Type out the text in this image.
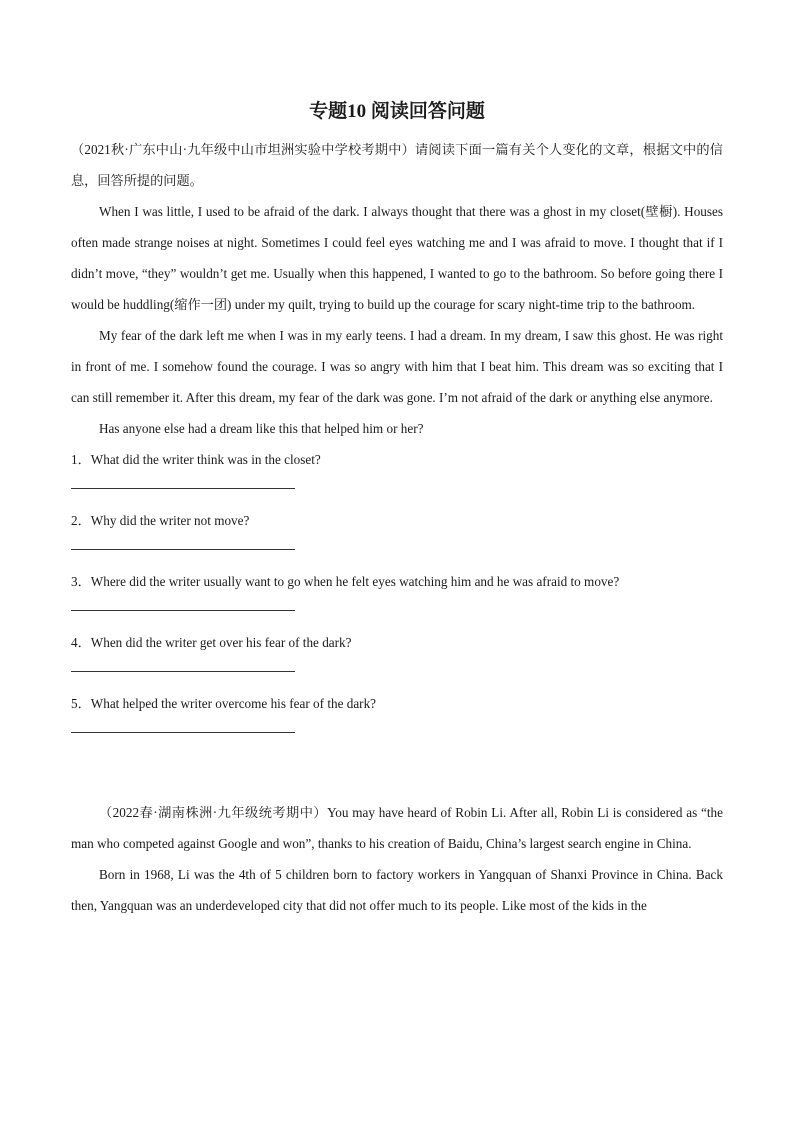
专题10 阅读回答问题

（2021秋·广东中山·九年级中山市坦洲实验中学校考期中）请阅读下面一篇有关个人变化的文章，根据文中的信息，回答所提的问题。

When I was little, I used to be afraid of the dark. I always thought that there was a ghost in my closet(壁橱). Houses often made strange noises at night. Sometimes I could feel eyes watching me and I was afraid to move. I thought that if I didn’t move, “they” wouldn’t get me. Usually when this happened, I wanted to go to the bathroom. So before going there I would be huddling(缩作一团) under my quilt, trying to build up the courage for scary night-time trip to the bathroom.

My fear of the dark left me when I was in my early teens. I had a dream. In my dream, I saw this ghost. He was right in front of me. I somehow found the courage. I was so angry with him that I beat him. This dream was so exciting that I can still remember it. After this dream, my fear of the dark was gone. I’m not afraid of the dark or anything else anymore.

Has anyone else had a dream like this that helped him or her?

1．What did the writer think was in the closet?

2．Why did the writer not move?

3．Where did the writer usually want to go when he felt eyes watching him and he was afraid to move?

4．When did the writer get over his fear of the dark?

5．What helped the writer overcome his fear of the dark?

（2022春·湖南株洲·九年级统考期中）You may have heard of Robin Li. After all, Robin Li is considered as “the man who competed against Google and won”, thanks to his creation of Baidu, China’s largest search engine in China.

Born in 1968, Li was the 4th of 5 children born to factory workers in Yangquan of Shanxi Province in China. Back then, Yangquan was an underdeveloped city that did not offer much to its people. Like most of the kids in the
